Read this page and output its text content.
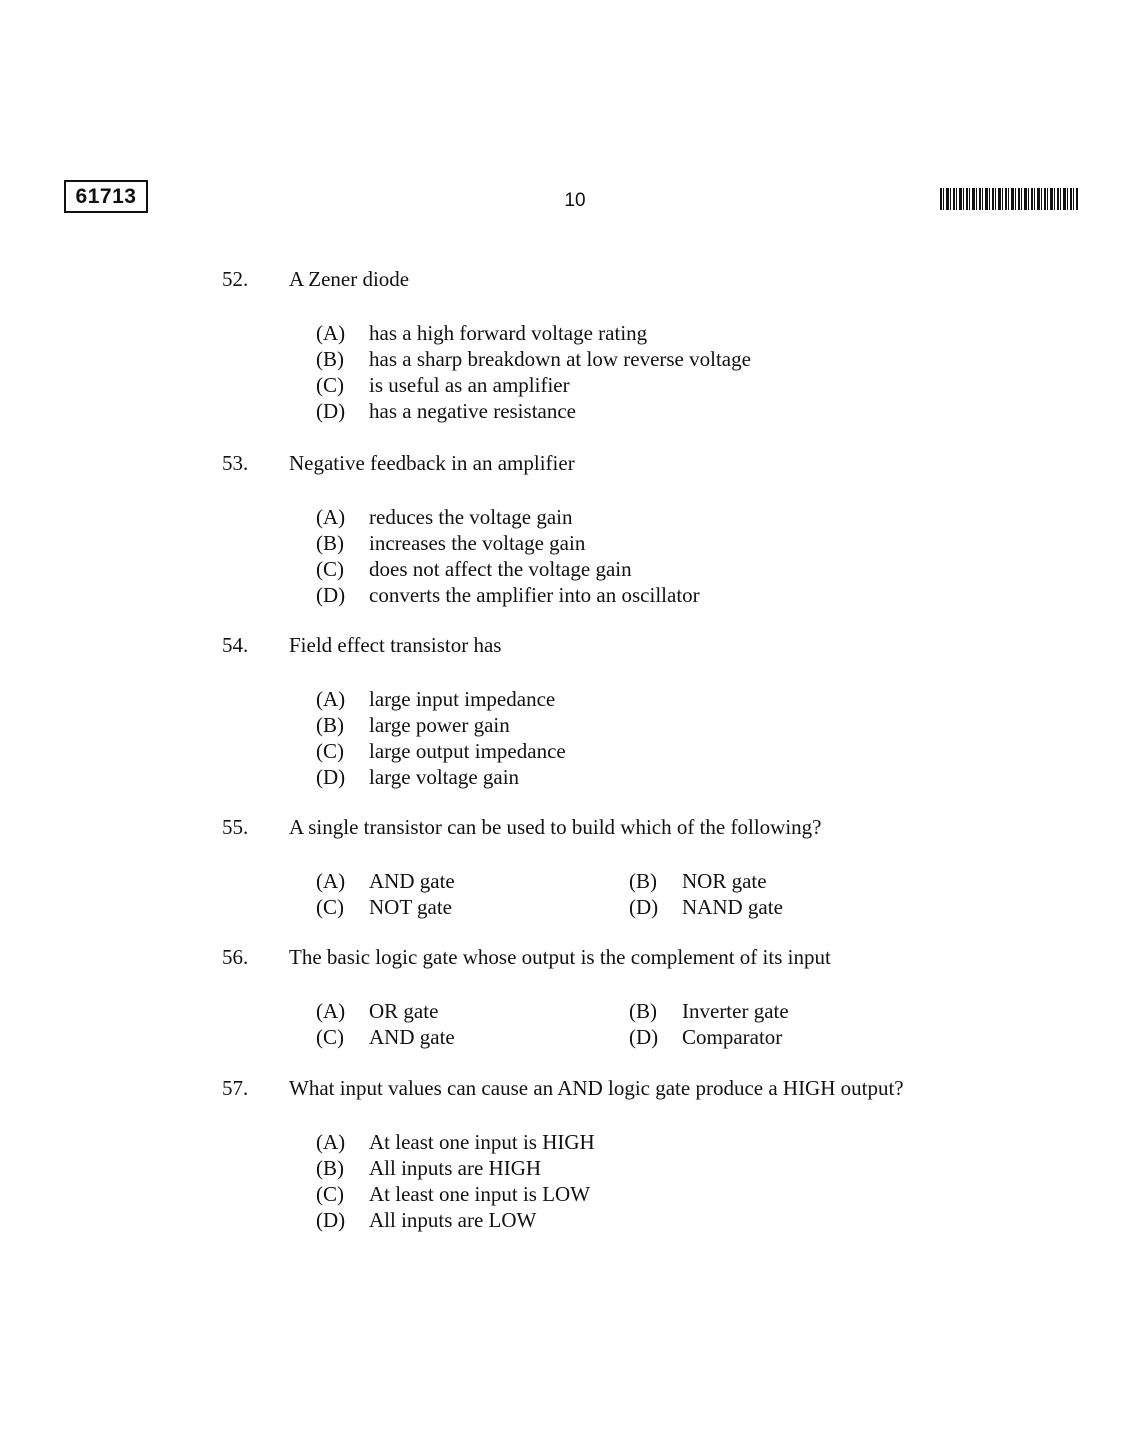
61713	10
52. A Zener diode
(A)	has a high forward voltage rating
(B)	has a sharp breakdown at low reverse voltage
(C)	is useful as an amplifier
(D)	has a negative resistance
53. Negative feedback in an amplifier
(A)	reduces the voltage gain
(B)	increases the voltage gain
(C)	does not affect the voltage gain
(D)	converts the amplifier into an oscillator
54. Field effect transistor has
(A)	large input impedance
(B)	large power gain
(C)	large output impedance
(D)	large voltage gain
55. A single transistor can be used to build which of the following?
(A)	AND gate	(B)	NOR gate
(C)	NOT gate	(D)	NAND gate
56. The basic logic gate whose output is the complement of its input
(A)	OR gate	(B)	Inverter gate
(C)	AND gate	(D)	Comparator
57. What input values can cause an AND logic gate produce a HIGH output?
(A)	At least one input is HIGH
(B)	All inputs are HIGH
(C)	At least one input is LOW
(D)	All inputs are LOW
